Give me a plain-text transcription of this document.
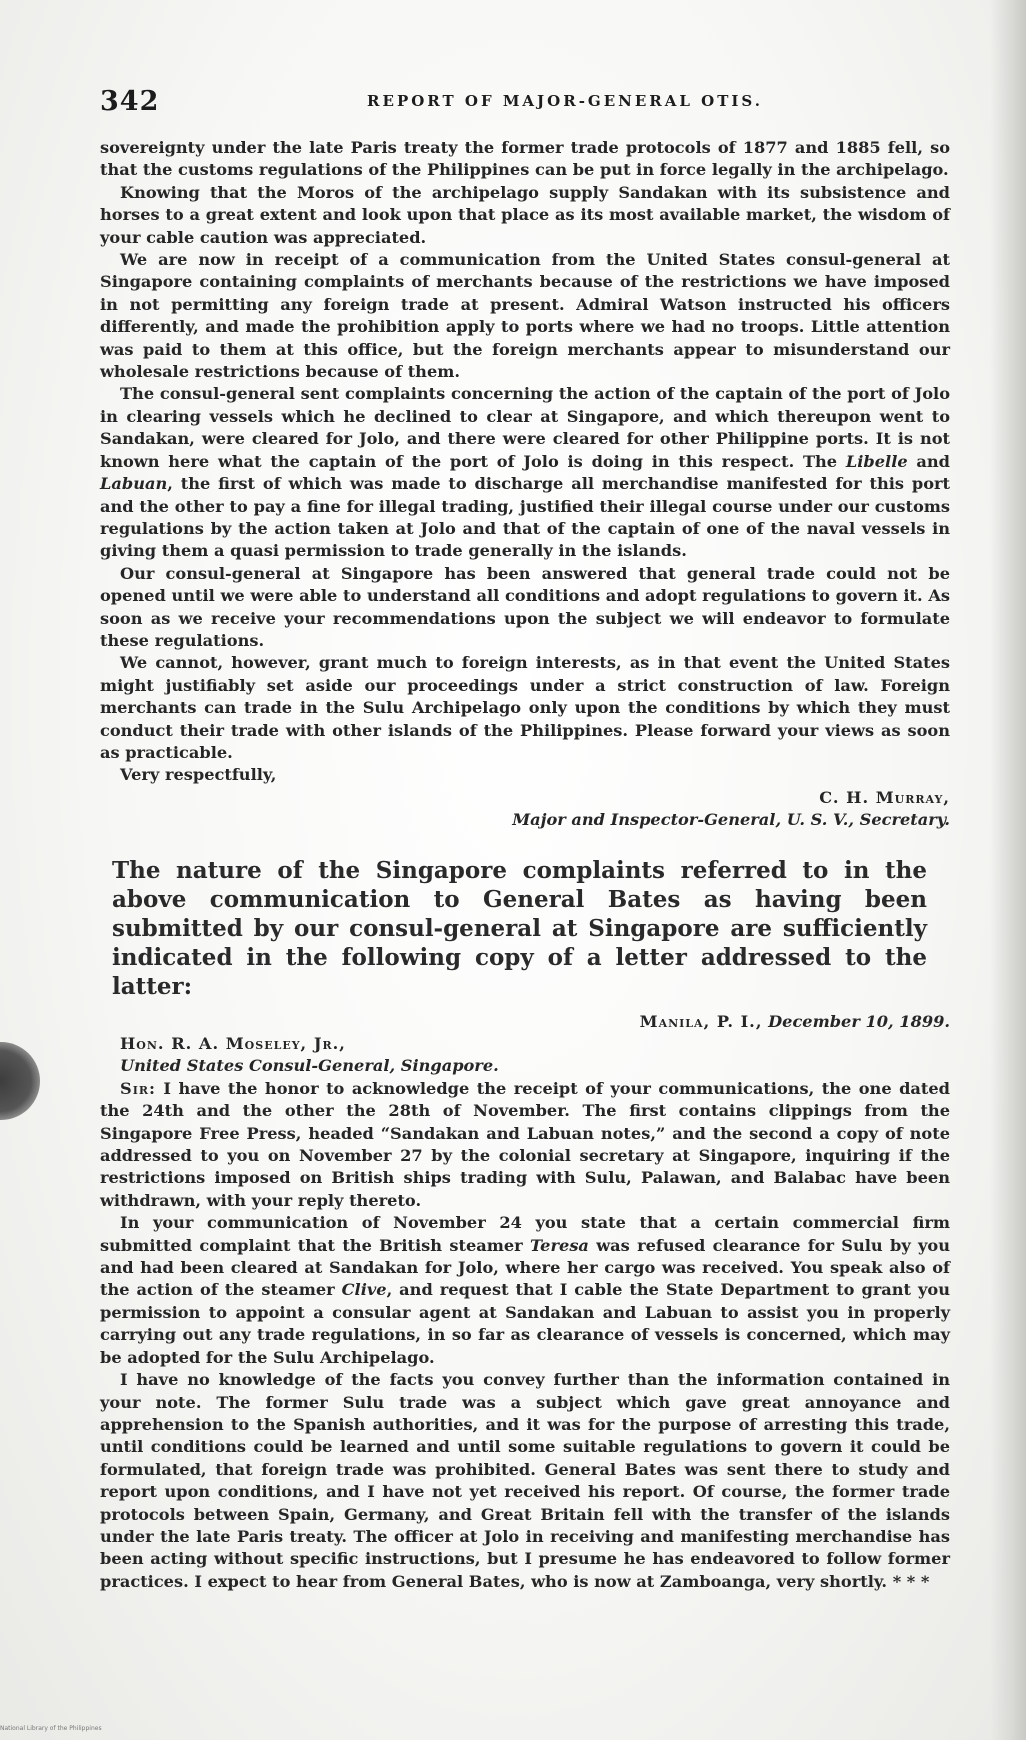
342	REPORT OF MAJOR-GENERAL OTIS.

sovereignty under the late Paris treaty the former trade protocols of 1877 and 1885 fell, so that the customs regulations of the Philippines can be put in force legally in the archipelago.

Knowing that the Moros of the archipelago supply Sandakan with its subsistence and horses to a great extent and look upon that place as its most available market, the wisdom of your cable caution was appreciated.

We are now in receipt of a communication from the United States consul-general at Singapore containing complaints of merchants because of the restrictions we have imposed in not permitting any foreign trade at present. Admiral Watson instructed his officers differently, and made the prohibition apply to ports where we had no troops. Little attention was paid to them at this office, but the foreign merchants appear to misunderstand our wholesale restrictions because of them.

The consul-general sent complaints concerning the action of the captain of the port of Jolo in clearing vessels which he declined to clear at Singapore, and which thereupon went to Sandakan, were cleared for Jolo, and there were cleared for other Philippine ports. It is not known here what the captain of the port of Jolo is doing in this respect. The Libelle and Labuan, the first of which was made to discharge all merchandise manifested for this port and the other to pay a fine for illegal trading, justified their illegal course under our customs regulations by the action taken at Jolo and that of the captain of one of the naval vessels in giving them a quasi permission to trade generally in the islands.

Our consul-general at Singapore has been answered that general trade could not be opened until we were able to understand all conditions and adopt regulations to govern it. As soon as we receive your recommendations upon the subject we will endeavor to formulate these regulations.

We cannot, however, grant much to foreign interests, as in that event the United States might justifiably set aside our proceedings under a strict construction of law. Foreign merchants can trade in the Sulu Archipelago only upon the conditions by which they must conduct their trade with other islands of the Philippines. Please forward your views as soon as practicable.

Very respectfully,

C. H. Murray,

Major and Inspector-General, U. S. V., Secretary.

The nature of the Singapore complaints referred to in the above communication to General Bates as having been submitted by our consul-general at Singapore are sufficiently indicated in the following copy of a letter addressed to the latter:

Manila, P. I., December 10, 1899.

Hon. R. A. Moseley, Jr.,

United States Consul-General, Singapore.

Sir: I have the honor to acknowledge the receipt of your communications, the one dated the 24th and the other the 28th of November. The first contains clippings from the Singapore Free Press, headed “Sandakan and Labuan notes,” and the second a copy of note addressed to you on November 27 by the colonial secretary at Singapore, inquiring if the restrictions imposed on British ships trading with Sulu, Palawan, and Balabac have been withdrawn, with your reply thereto.

In your communication of November 24 you state that a certain commercial firm submitted complaint that the British steamer Teresa was refused clearance for Sulu by you and had been cleared at Sandakan for Jolo, where her cargo was received. You speak also of the action of the steamer Clive, and request that I cable the State Department to grant you permission to appoint a consular agent at Sandakan and Labuan to assist you in properly carrying out any trade regulations, in so far as clearance of vessels is concerned, which may be adopted for the Sulu Archipelago.

I have no knowledge of the facts you convey further than the information contained in your note. The former Sulu trade was a subject which gave great annoyance and apprehension to the Spanish authorities, and it was for the purpose of arresting this trade, until conditions could be learned and until some suitable regulations to govern it could be formulated, that foreign trade was prohibited. General Bates was sent there to study and report upon conditions, and I have not yet received his report. Of course, the former trade protocols between Spain, Germany, and Great Britain fell with the transfer of the islands under the late Paris treaty. The officer at Jolo in receiving and manifesting merchandise has been acting without specific instructions, but I presume he has endeavored to follow former practices. I expect to hear from General Bates, who is now at Zamboanga, very shortly. * * *

National Library of the Philippines
